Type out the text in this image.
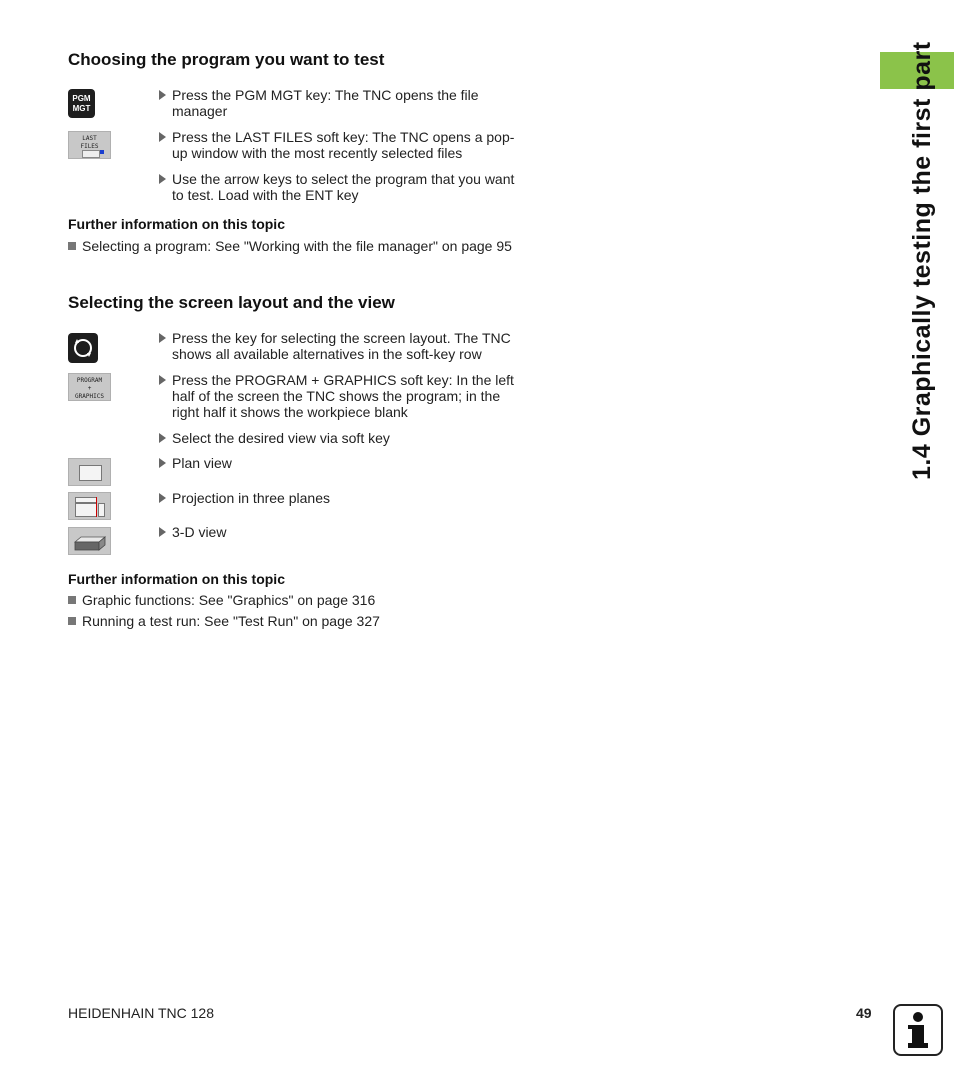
1.4 Graphically testing the first part
Choosing the program you want to test
PGM
MGT
LAST
FILES
Press the PGM MGT key: The TNC opens the file manager
Press the LAST FILES soft key: The TNC opens a pop-up window with the most recently selected files
Use the arrow keys to select the program that you want to test. Load with the ENT key
Further information on this topic
Selecting a program: See "Working with the file manager" on page 95
Selecting the screen layout and the view
PROGRAM
+
GRAPHICS
Press the key for selecting the screen layout. The TNC shows all available alternatives in the soft-key row
Press the PROGRAM + GRAPHICS soft key: In the left half of the screen the TNC shows the program; in the right half it shows the workpiece blank
Select the desired view via soft key
Plan view
Projection in three planes
3-D view
Further information on this topic
Graphic functions: See "Graphics" on page 316
Running a test run: See "Test Run" on page 327
HEIDENHAIN TNC 128	49
